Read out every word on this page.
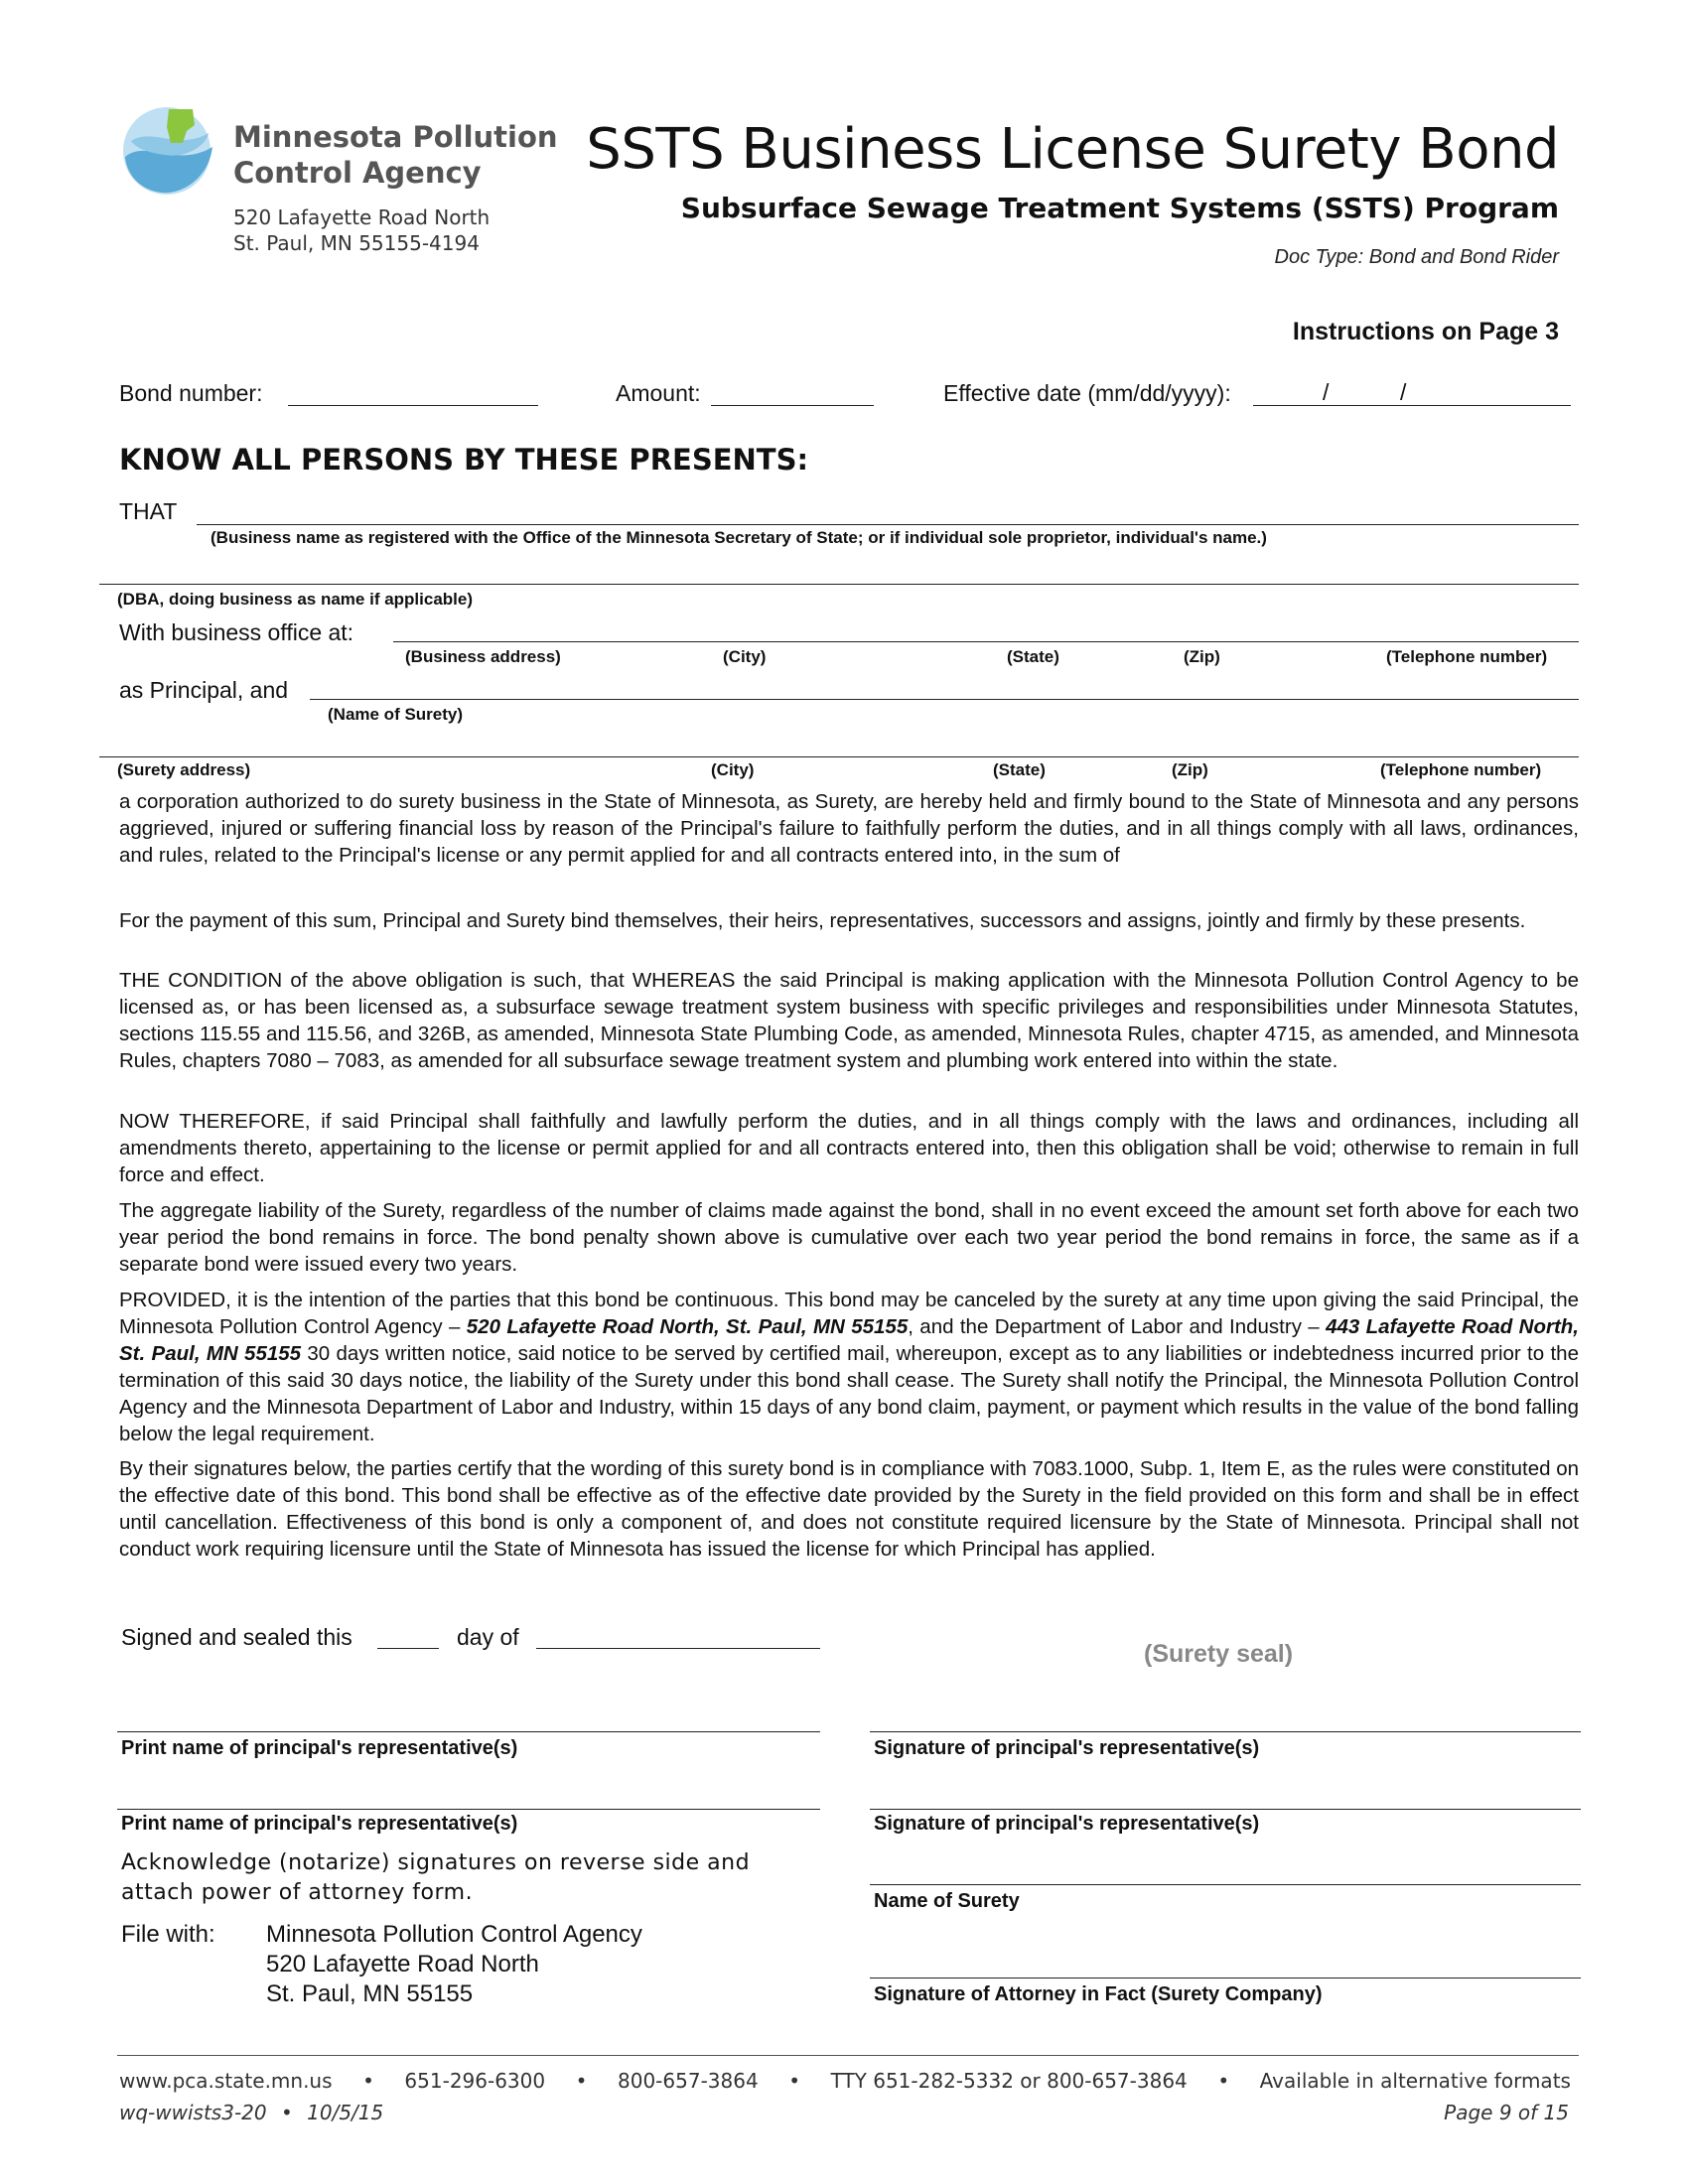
Minnesota Pollution
Control Agency
520 Lafayette Road North
St. Paul, MN 55155-4194
SSTS Business License Surety Bond
Subsurface Sewage Treatment Systems (SSTS) Program
Doc Type: Bond and Bond Rider
Instructions on Page 3
Bond number:	Amount:	Effective date (mm/dd/yyyy):	/	/
KNOW ALL PERSONS BY THESE PRESENTS:
THAT
(Business name as registered with the Office of the Minnesota Secretary of State; or if individual sole proprietor, individual's name.)
(DBA, doing business as name if applicable)
With business office at:
(Business address)	(City)	(State)	(Zip)	(Telephone number)
as Principal, and
(Name of Surety)
(Surety address)	(City)	(State)	(Zip)	(Telephone number)
a corporation authorized to do surety business in the State of Minnesota, as Surety, are hereby held and firmly bound to the State of Minnesota and any persons aggrieved, injured or suffering financial loss by reason of the Principal's failure to faithfully perform the duties, and in all things comply with all laws, ordinances, and rules, related to the Principal's license or any permit applied for and all contracts entered into, in the sum of
For the payment of this sum, Principal and Surety bind themselves, their heirs, representatives, successors and assigns, jointly and firmly by these presents.
THE CONDITION of the above obligation is such, that WHEREAS the said Principal is making application with the Minnesota Pollution Control Agency to be licensed as, or has been licensed as, a subsurface sewage treatment system business with specific privileges and responsibilities under Minnesota Statutes, sections 115.55 and 115.56, and 326B, as amended, Minnesota State Plumbing Code, as amended, Minnesota Rules, chapter 4715, as amended, and Minnesota Rules, chapters 7080 – 7083, as amended for all subsurface sewage treatment system and plumbing work entered into within the state.
NOW THEREFORE, if said Principal shall faithfully and lawfully perform the duties, and in all things comply with the laws and ordinances, including all amendments thereto, appertaining to the license or permit applied for and all contracts entered into, then this obligation shall be void; otherwise to remain in full force and effect.
The aggregate liability of the Surety, regardless of the number of claims made against the bond, shall in no event exceed the amount set forth above for each two year period the bond remains in force. The bond penalty shown above is cumulative over each two year period the bond remains in force, the same as if a separate bond were issued every two years.
PROVIDED, it is the intention of the parties that this bond be continuous. This bond may be canceled by the surety at any time upon giving the said Principal, the Minnesota Pollution Control Agency – 520 Lafayette Road North, St. Paul, MN 55155, and the Department of Labor and Industry – 443 Lafayette Road North, St. Paul, MN 55155 30 days written notice, said notice to be served by certified mail, whereupon, except as to any liabilities or indebtedness incurred prior to the termination of this said 30 days notice, the liability of the Surety under this bond shall cease. The Surety shall notify the Principal, the Minnesota Pollution Control Agency and the Minnesota Department of Labor and Industry, within 15 days of any bond claim, payment, or payment which results in the value of the bond falling below the legal requirement.
By their signatures below, the parties certify that the wording of this surety bond is in compliance with 7083.1000, Subp. 1, Item E, as the rules were constituted on the effective date of this bond. This bond shall be effective as of the effective date provided by the Surety in the field provided on this form and shall be in effect until cancellation. Effectiveness of this bond is only a component of, and does not constitute required licensure by the State of Minnesota. Principal shall not conduct work requiring licensure until the State of Minnesota has issued the license for which Principal has applied.
Signed and sealed this	day of
(Surety seal)
Print name of principal's representative(s)	Signature of principal's representative(s)
Print name of principal's representative(s)	Signature of principal's representative(s)
Acknowledge (notarize) signatures on reverse side and
attach power of attorney form.	Name of Surety
File with: Minnesota Pollution Control Agency
520 Lafayette Road North
St. Paul, MN 55155	Signature of Attorney in Fact (Surety Company)
www.pca.state.mn.us • 651-296-6300 • 800-657-3864 • TTY 651-282-5332 or 800-657-3864 • Available in alternative formats
wq-wwists3-20 • 10/5/15	Page 9 of 15
